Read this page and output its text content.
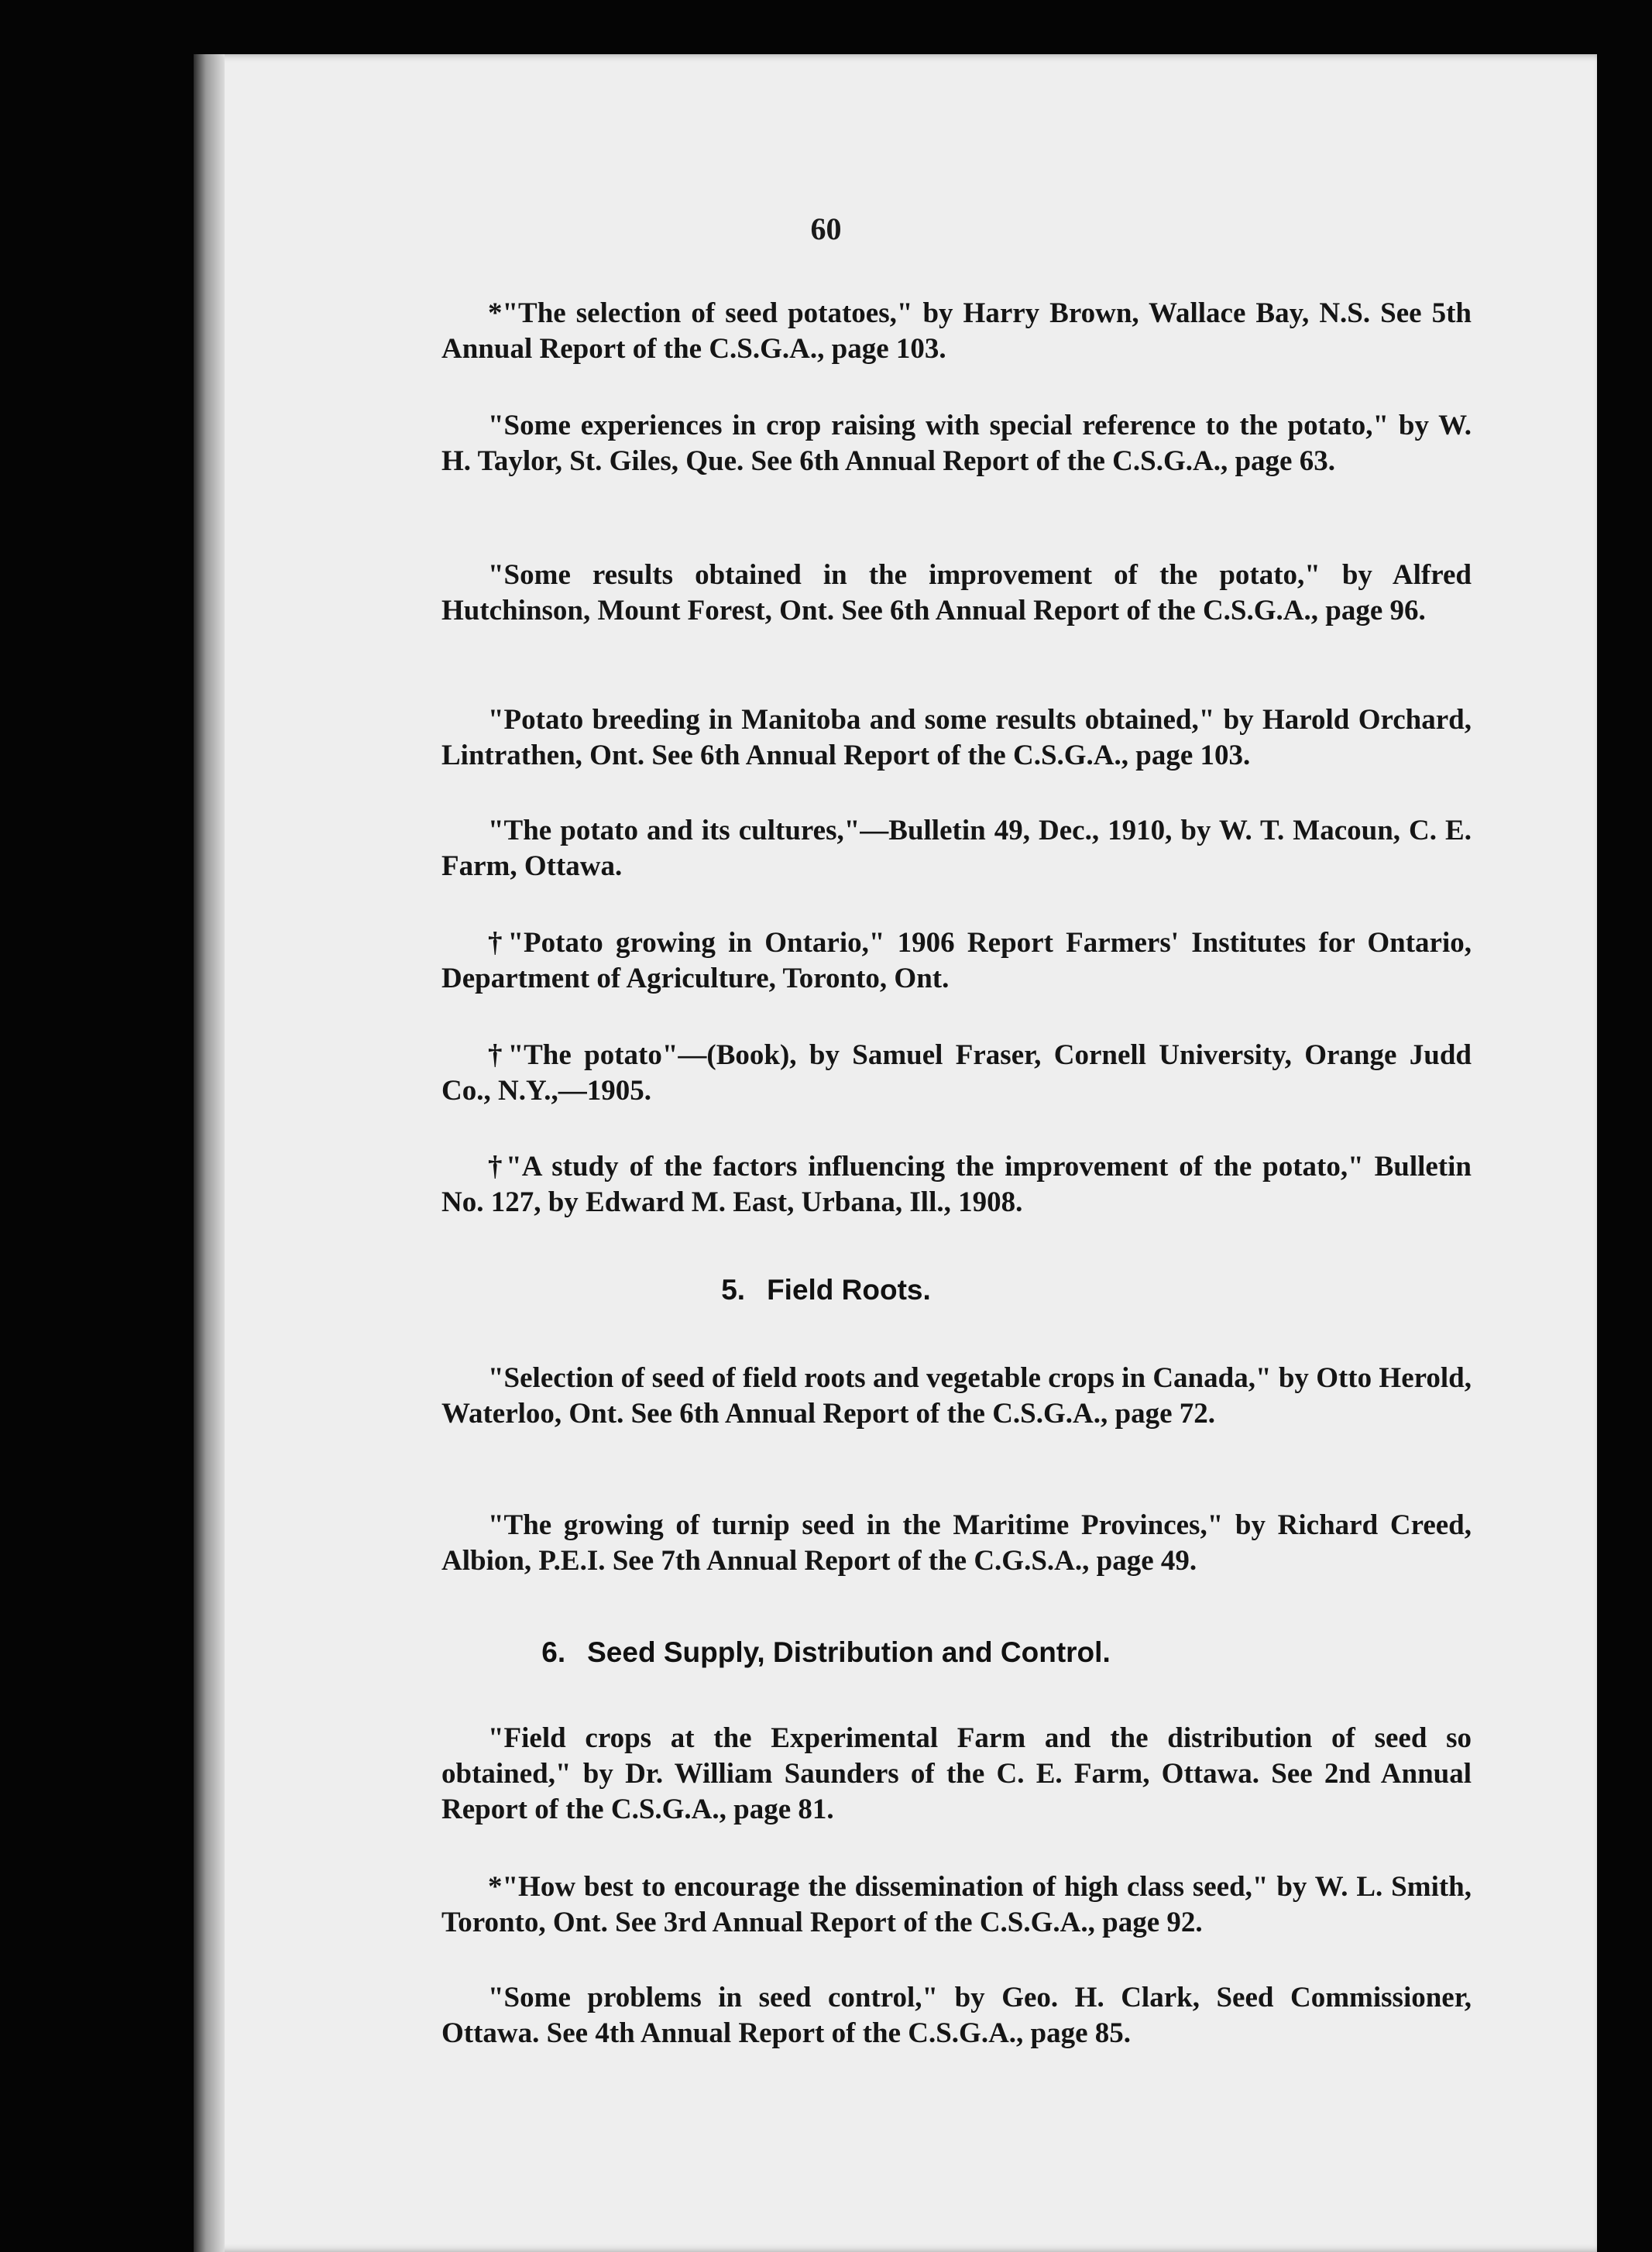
60

*"The selection of seed potatoes," by Harry Brown, Wallace Bay, N.S. See 5th Annual Report of the C.S.G.A., page 103.

"Some experiences in crop raising with special reference to the potato," by W. H. Taylor, St. Giles, Que. See 6th Annual Report of the C.S.G.A., page 63.

"Some results obtained in the improvement of the potato," by Alfred Hutchinson, Mount Forest, Ont. See 6th Annual Report of the C.S.G.A., page 96.

"Potato breeding in Manitoba and some results obtained," by Harold Orchard, Lintrathen, Ont. See 6th Annual Report of the C.S.G.A., page 103.

"The potato and its cultures,"—Bulletin 49, Dec., 1910, by W. T. Macoun, C. E. Farm, Ottawa.

†"Potato growing in Ontario," 1906 Report Farmers' Institutes for Ontario, Department of Agriculture, Toronto, Ont.

†"The potato"—(Book), by Samuel Fraser, Cornell University, Orange Judd Co., N.Y.,—1905.

†"A study of the factors influencing the improvement of the potato," Bulletin No. 127, by Edward M. East, Urbana, Ill., 1908.

5. Field Roots.

"Selection of seed of field roots and vegetable crops in Canada," by Otto Herold, Waterloo, Ont. See 6th Annual Report of the C.S.G.A., page 72.

"The growing of turnip seed in the Maritime Provinces," by Richard Creed, Albion, P.E.I. See 7th Annual Report of the C.G.S.A., page 49.

6. Seed Supply, Distribution and Control.

"Field crops at the Experimental Farm and the distribution of seed so obtained," by Dr. William Saunders of the C. E. Farm, Ottawa. See 2nd Annual Report of the C.S.G.A., page 81.

*"How best to encourage the dissemination of high class seed," by W. L. Smith, Toronto, Ont. See 3rd Annual Report of the C.S.G.A., page 92.

"Some problems in seed control," by Geo. H. Clark, Seed Commissioner, Ottawa. See 4th Annual Report of the C.S.G.A., page 85.
